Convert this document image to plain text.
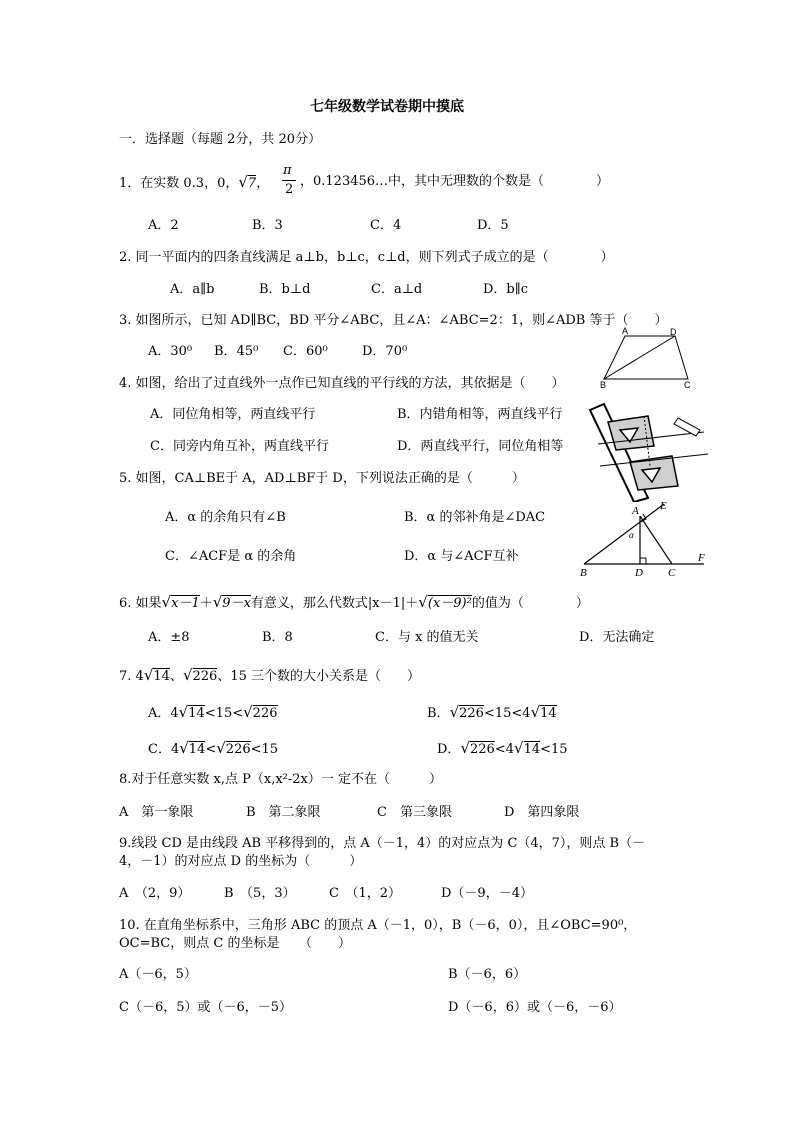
七年级数学试卷期中摸底
一．选择题（每题 2分，共 20分）
1．在实数 0.3，0，√7，
π
2
，0.123456…中，其中无理数的个数是（　　　　）
A．2	B．3	C．4	D．5
2. 同一平面内的四条直线满足 a⊥b，b⊥c，c⊥d，则下列式子成立的是（　　　　）
A．a∥b	B．b⊥d	C．a⊥d	D．b∥c
3. 如图所示，已知 AD∥BC，BD 平分∠ABC，且∠A：∠ABC=2：1，则∠ADB 等于（　　）
A．30⁰ B．45⁰ C．60⁰	D．70⁰
A	D
B	C
4. 如图，给出了过直线外一点作已知直线的平行线的方法，其依据是（　　）
A．同位角相等，两直线平行	B．内错角相等，两直线平行
C．同旁内角互补，两直线平行	D．两直线平行，同位角相等
5. 如图，CA⊥BE于 A，AD⊥BF于 D，下列说法正确的是（　　　）
A．α 的余角只有∠B	B．α 的邻补角是∠DAC
C．∠ACF是 α 的余角	D．α 与∠ACF互补
A E
α
B	D C
F
6. 如果√x－1＋√9－x有意义，那么代数式|x－1|＋√(x－9)²的值为（　　　　）
A．±8	B．8	C．与 x 的值无关	D．无法确定
7. 4√14、√226、15 三个数的大小关系是（　　）
A．4√14<15<√226	B．√226<15<4√14
C．4√14<√226<15	D．√226<4√14<15
8.对于任意实数 x,点 P（x,x²-2x）一 定不在（　　　）
A　第一象限	B　第二象限	C　第三象限	D　第四象限
9.线段 CD 是由线段 AB 平移得到的，点 A（－1，4）的对应点为 C（4，7），则点 B（－
4，－1）的对应点 D 的坐标为（　　　）
A　（2，9）	B　（5，3）	C　（1，2）	D（－9，－4）
10. 在直角坐标系中，三角形 ABC 的顶点 A（－1，0），B（－6，0），且∠OBC=90⁰，
OC=BC，则点 C 的坐标是　　（　　）
A（－6，5）	B（－6，6）
C（－6，5）或（－6，－5）	D（－6，6）或（－6，－6）
